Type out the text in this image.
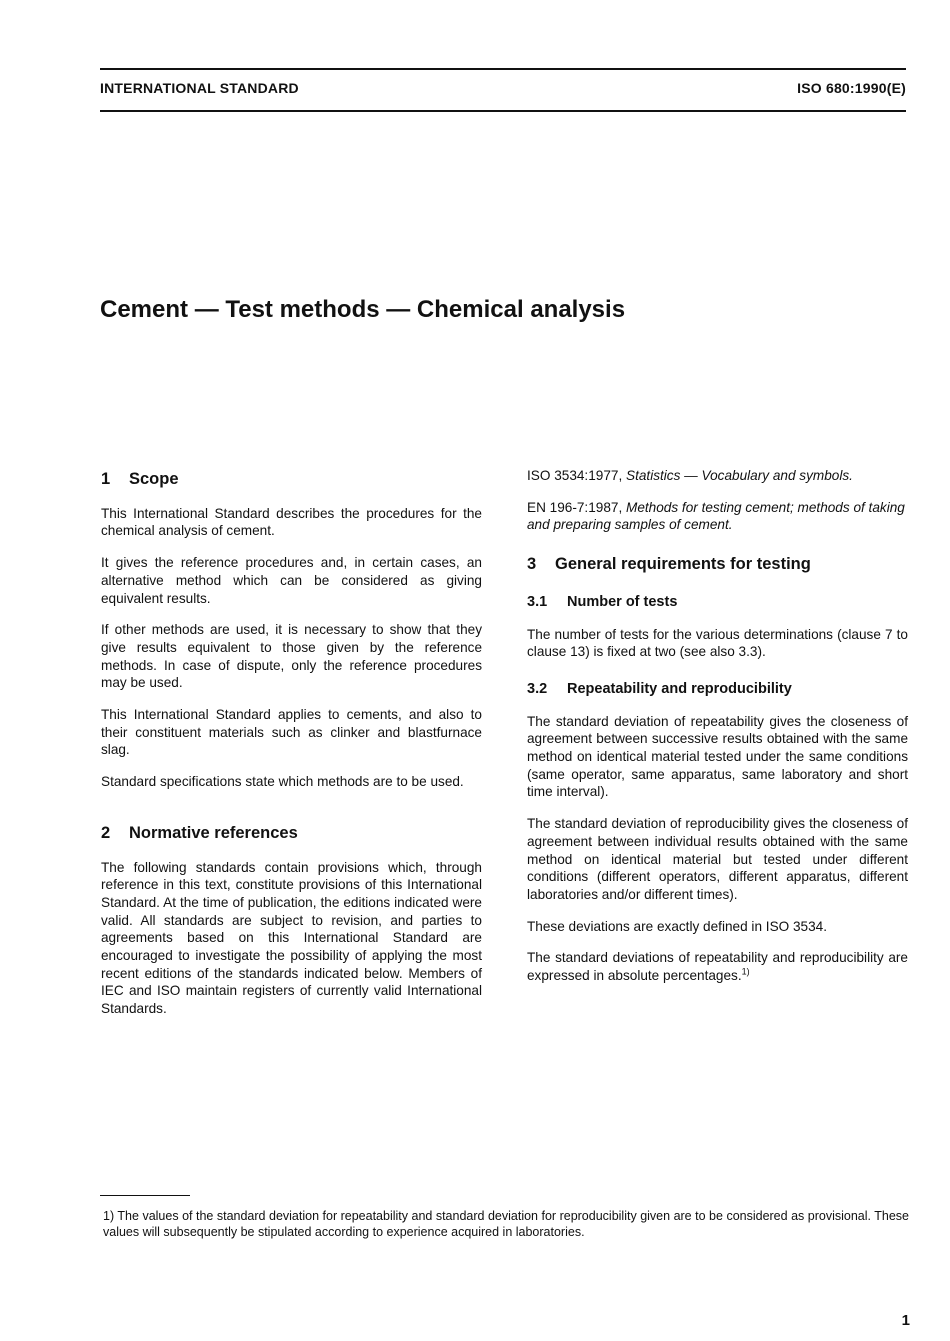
INTERNATIONAL STANDARD	ISO 680:1990(E)
Cement — Test methods — Chemical analysis
1 Scope

This International Standard describes the procedures for the chemical analysis of cement.

It gives the reference procedures and, in certain cases, an alternative method which can be considered as giving equivalent results.

If other methods are used, it is necessary to show that they give results equivalent to those given by the reference methods. In case of dispute, only the reference procedures may be used.

This International Standard applies to cements, and also to their constituent materials such as clinker and blastfurnace slag.

Standard specifications state which methods are to be used.

2 Normative references

The following standards contain provisions which, through reference in this text, constitute provisions of this International Standard. At the time of publication, the editions indicated were valid. All standards are subject to revision, and parties to agreements based on this International Standard are encouraged to investigate the possibility of applying the most recent editions of the standards indicated below. Members of IEC and ISO maintain registers of currently valid International Standards.

ISO 3534:1977, Statistics — Vocabulary and symbols.

EN 196-7:1987, Methods for testing cement; methods of taking and preparing samples of cement.

3 General requirements for testing
3.1 Number of tests

The number of tests for the various determinations (clause 7 to clause 13) is fixed at two (see also 3.3).

3.2 Repeatability and reproducibility

The standard deviation of repeatability gives the closeness of agreement between successive results obtained with the same method on identical material tested under the same conditions (same operator, same apparatus, same laboratory and short time interval).

The standard deviation of reproducibility gives the closeness of agreement between individual results obtained with the same method on identical material but tested under different conditions (different operators, different apparatus, different laboratories and/or different times).

These deviations are exactly defined in ISO 3534.

The standard deviations of repeatability and reproducibility are expressed in absolute percentages.$^{1)}$

1) The values of the standard deviation for repeatability and standard deviation for reproducibility given are to be considered as provisional. These values will subsequently be stipulated according to experience acquired in laboratories.

1
